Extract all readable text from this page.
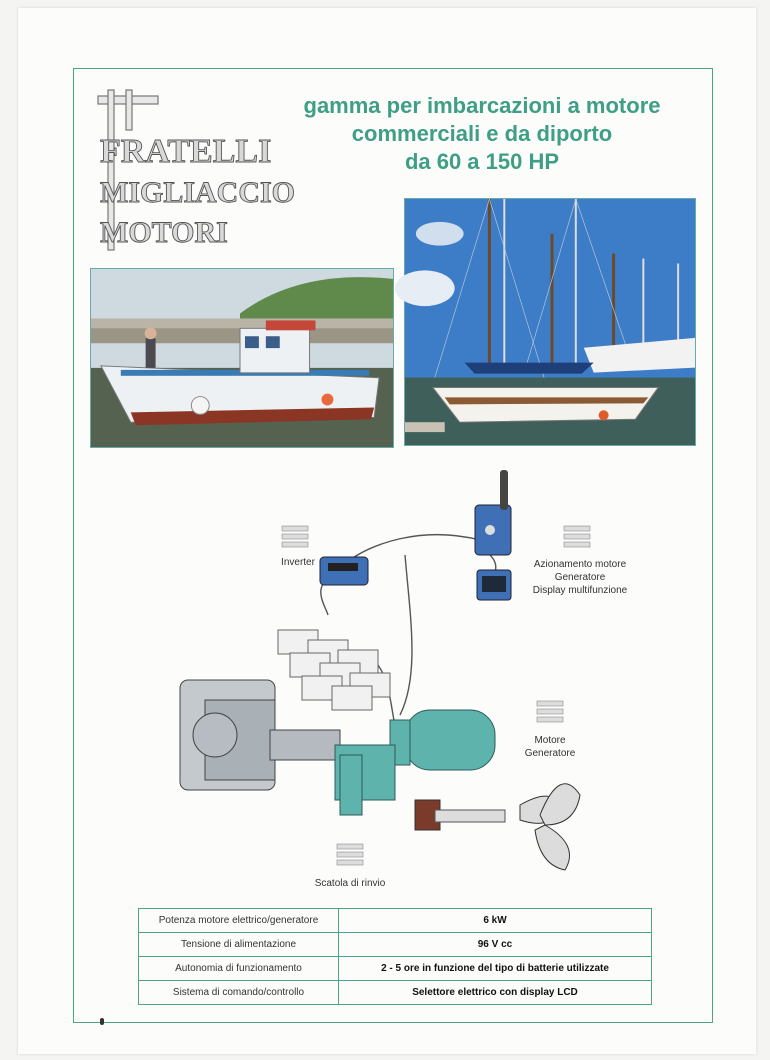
FRATELLI
MIGLIACCIO
MOTORI
gamma per imbarcazioni a motore
commerciali e da diporto
da 60 a 150 HP
Inverter	Azionamento motore
Generatore
Display multifunzione
Motore
Generatore
Scatola di rinvio
Potenza motore elettrico/generatore	6 kW
Tensione di alimentazione	96 V cc
Autonomia di funzionamento	2 - 5 ore in funzione del tipo di batterie utilizzate
Sistema di comando/controllo	Selettore elettrico con display LCD
